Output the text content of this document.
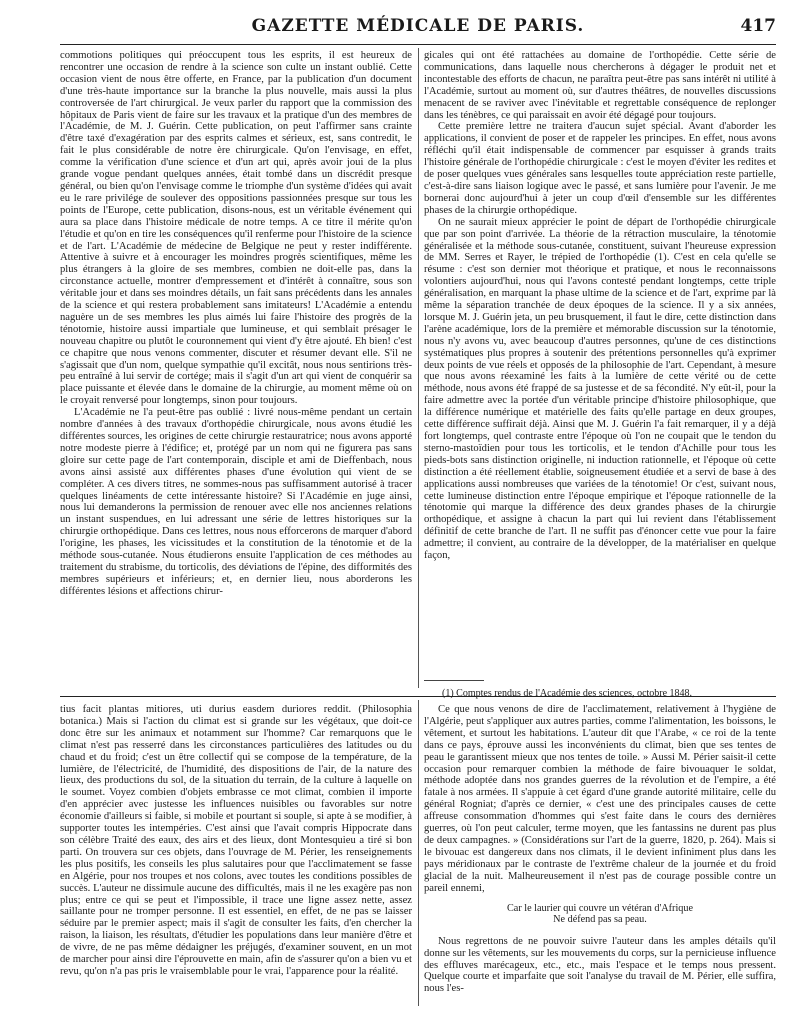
GAZETTE MÉDICALE DE PARIS.	417

commotions politiques qui préoccupent tous les esprits, il est heureux de rencontrer une occasion de rendre à la science son culte un instant oublié. Cette occasion vient de nous être offerte, en France, par la publication d'un document d'une très-haute importance sur la branche la plus nouvelle, mais aussi la plus controversée de l'art chirurgical. Je veux parler du rapport que la commission des hôpitaux de Paris vient de faire sur les travaux et la pratique d'un des membres de l'Académie, de M. J. Guérin. Cette publication, on peut l'affirmer sans crainte d'être taxé d'exagération par des esprits calmes et sérieux, est, sans contredit, le fait le plus considérable de notre ère chirurgicale. Qu'on l'envisage, en effet, comme la vérification d'une science et d'un art qui, après avoir joui de la plus grande vogue pendant quelques années, était tombé dans un discrédit presque général, ou bien qu'on l'envisage comme le triomphe d'un système d'idées qui avait eu le rare privilége de soulever des oppositions passionnées presque sur tous les points de l'Europe, cette publication, disons-nous, est un véritable événement qui aura sa place dans l'histoire médicale de notre temps. A ce titre il mérite qu'on l'étudie et qu'on en tire les conséquences qu'il renferme pour l'histoire de la science et de l'art. L'Académie de médecine de Belgique ne peut y rester indifférente. Attentive à suivre et à encourager les moindres progrès scientifiques, même les plus étrangers à la gloire de ses membres, combien ne doit-elle pas, dans la circonstance actuelle, montrer d'empressement et d'intérêt à connaître, sous son véritable jour et dans ses moindres détails, un fait sans précédents dans les annales de la science et qui restera probablement sans imitateurs! L'Académie a entendu naguère un de ses membres les plus aimés lui faire l'histoire des progrès de la ténotomie, histoire aussi impartiale que lumineuse, et qui semblait présager le nouveau chapitre ou plutôt le couronnement qui vient d'y être ajouté. Eh bien! c'est ce chapitre que nous venons commenter, discuter et résumer devant elle. S'il ne s'agissait que d'un nom, quelque sympathie qu'il excitât, nous nous sentirions très-peu entraîné à lui servir de cortége; mais il s'agit d'un art qui vient de conquérir sa place puissante et élevée dans le domaine de la chirurgie, au moment même où on le croyait renversé pour longtemps, sinon pour toujours.

L'Académie ne l'a peut-être pas oublié : livré nous-même pendant un certain nombre d'années à des travaux d'orthopédie chirurgicale, nous avons étudié les différentes sources, les origines de cette chirurgie restauratrice; nous avons apporté notre modeste pierre à l'édifice; et, protégé par un nom qui ne figurera pas sans gloire sur cette page de l'art contemporain, disciple et ami de Dieffenbach, nous avons ainsi assisté aux différentes phases d'une évolution qui vient de se compléter. A ces divers titres, ne sommes-nous pas suffisamment autorisé à tracer quelques linéaments de cette intéressante histoire? Si l'Académie en juge ainsi, nous lui demanderons la permission de renouer avec elle nos anciennes relations un instant suspendues, en lui adressant une série de lettres historiques sur la chirurgie orthopédique. Dans ces lettres, nous nous efforcerons de marquer d'abord l'origine, les phases, les vicissitudes et la constitution de la ténotomie et de la méthode sous-cutanée. Nous étudierons ensuite l'application de ces méthodes au traitement du strabisme, du torticolis, des déviations de l'épine, des difformités des membres supérieurs et inférieurs; et, en dernier lieu, nous aborderons les différentes lésions et affections chirur-

gicales qui ont été rattachées au domaine de l'orthopédie. Cette série de communications, dans laquelle nous chercherons à dégager le produit net et incontestable des efforts de chacun, ne paraîtra peut-être pas sans intérêt ni utilité à l'Académie, surtout au moment où, sur d'autres théâtres, de nouvelles discussions menacent de se raviver avec l'inévitable et regrettable conséquence de replonger dans les ténèbres, ce qui paraissait en avoir été dégagé pour toujours.

Cette première lettre ne traitera d'aucun sujet spécial. Avant d'aborder les applications, il convient de poser et de rappeler les principes. En effet, nous avons réfléchi qu'il était indispensable de commencer par esquisser à grands traits l'histoire générale de l'orthopédie chirurgicale : c'est le moyen d'éviter les redites et de poser quelques vues générales sans lesquelles toute appréciation reste partielle, c'est-à-dire sans liaison logique avec le passé, et sans lumière pour l'avenir. Je me bornerai donc aujourd'hui à jeter un coup d'œil d'ensemble sur les différentes phases de la chirurgie orthopédique.

On ne saurait mieux apprécier le point de départ de l'orthopédie chirurgicale que par son point d'arrivée. La théorie de la rétraction musculaire, la ténotomie généralisée et la méthode sous-cutanée, constituent, suivant l'heureuse expression de MM. Serres et Rayer, le trépied de l'orthopédie (1). C'est en cela qu'elle se résume : c'est son dernier mot théorique et pratique, et nous le reconnaissons volontiers aujourd'hui, nous qui l'avons contesté pendant longtemps, cette triple généralisation, en marquant la phase ultime de la science et de l'art, exprime par là même la séparation tranchée de deux époques de la science. Il y a six années, lorsque M. J. Guérin jeta, un peu brusquement, il faut le dire, cette distinction dans l'arène académique, lors de la première et mémorable discussion sur la ténotomie, nous n'y avons vu, avec beaucoup d'autres personnes, qu'une de ces distinctions systématiques plus propres à soutenir des prétentions personnelles qu'à exprimer deux points de vue réels et opposés de la philosophie de l'art. Cependant, à mesure que nous avons réexaminé les faits à la lumière de cette vérité ou de cette méthode, nous avons été frappé de sa justesse et de sa fécondité. N'y eût-il, pour la faire admettre avec la portée d'un véritable principe d'histoire philosophique, que la différence numérique et matérielle des faits qu'elle partage en deux groupes, cette différence suffirait déjà. Ainsi que M. J. Guérin l'a fait remarquer, il y a déjà fort longtemps, quel contraste entre l'époque où l'on ne coupait que le tendon du sterno-mastoïdien pour tous les torticolis, et le tendon d'Achille pour tous les pieds-bots sans distinction originelle, ni induction rationnelle, et l'époque où cette distinction a été réellement établie, soigneusement étudiée et a servi de base à des applications aussi nombreuses que variées de la ténotomie! Or c'est, suivant nous, cette lumineuse distinction entre l'époque empirique et l'époque rationnelle de la ténotomie qui marque la différence des deux grandes phases de la chirurgie orthopédique, et assigne à chacun la part qui lui revient dans l'établissement définitif de cette branche de l'art. Il ne suffit pas d'énoncer cette vue pour la faire admettre; il convient, au contraire de la développer, de la matérialiser en quelque façon,

(1) Comptes rendus de l'Académie des sciences, octobre 1848.

tius facit plantas mitiores, uti durius easdem duriores reddit. (Philosophia botanica.) Mais si l'action du climat est si grande sur les végétaux, que doit-ce donc être sur les animaux et notamment sur l'homme? Car remarquons que le climat n'est pas resserré dans les circonstances particulières des latitudes ou du chaud et du froid; c'est un être collectif qui se compose de la température, de la lumière, de l'électricité, de l'humidité, des dispositions de l'air, de la nature des lieux, des productions du sol, de la situation du terrain, de la culture à laquelle on le soumet. Voyez combien d'objets embrasse ce mot climat, combien il importe d'en apprécier avec justesse les influences nuisibles ou favorables sur notre économie d'ailleurs si faible, si mobile et pourtant si souple, si apte à se modifier, à supporter toutes les intempéries. C'est ainsi que l'avait compris Hippocrate dans son célèbre Traité des eaux, des airs et des lieux, dont Montesquieu a tiré si bon parti. On trouvera sur ces objets, dans l'ouvrage de M. Périer, les renseignements les plus positifs, les conseils les plus salutaires pour que l'acclimatement se fasse en Algérie, pour nos troupes et nos colons, avec toutes les conditions possibles de succès. L'auteur ne dissimule aucune des difficultés, mais il ne les exagère pas non plus; entre ce qui se peut et l'impossible, il trace une ligne assez nette, assez saillante pour ne tromper personne. Il est essentiel, en effet, de ne pas se laisser séduire par le premier aspect; mais il s'agit de consulter les faits, d'en chercher la raison, la liaison, les résultats, d'étudier les populations dans leur manière d'être et de vivre, de ne pas même dédaigner les préjugés, d'examiner souvent, en un mot de marcher pour ainsi dire l'éprouvette en main, afin de s'assurer qu'on a bien vu et revu, qu'on n'a pas pris le vraisemblable pour le vrai, l'apparence pour la réalité.

Ce que nous venons de dire de l'acclimatement, relativement à l'hygiène de l'Algérie, peut s'appliquer aux autres parties, comme l'alimentation, les boissons, le vêtement, et surtout les habitations. L'auteur dit que l'Arabe, « ce roi de la tente dans ce pays, éprouve aussi les inconvénients du climat, bien que ses tentes de peau le garantissent mieux que nos tentes de toile. » Aussi M. Périer saisit-il cette occasion pour remarquer combien la méthode de faire bivouaquer le soldat, méthode adoptée dans nos grandes guerres de la révolution et de l'empire, a été fatale à nos armées. Il s'appuie à cet égard d'une grande autorité militaire, celle du général Rogniat; d'après ce dernier, « c'est une des principales causes de cette affreuse consommation d'hommes qui s'est faite dans le cours des dernières guerres, où l'on peut calculer, terme moyen, que les fantassins ne durent pas plus de deux campagnes. » (Considérations sur l'art de la guerre, 1820, p. 264). Mais si le bivouac est dangereux dans nos climats, il le devient infiniment plus dans les pays méridionaux par le contraste de l'extrême chaleur de la journée et du froid glacial de la nuit. Malheureusement il n'est pas de courage possible contre un pareil ennemi,

Car le laurier qui couvre un vétéran d'Afrique
Ne défend pas sa peau.

Nous regrettons de ne pouvoir suivre l'auteur dans les amples détails qu'il donne sur les vêtements, sur les mouvements du corps, sur la pernicieuse influence des effluves marécageux, etc., etc., mais l'espace et le temps nous pressent. Quelque courte et imparfaite que soit l'analyse du travail de M. Périer, elle suffira, nous l'es-
